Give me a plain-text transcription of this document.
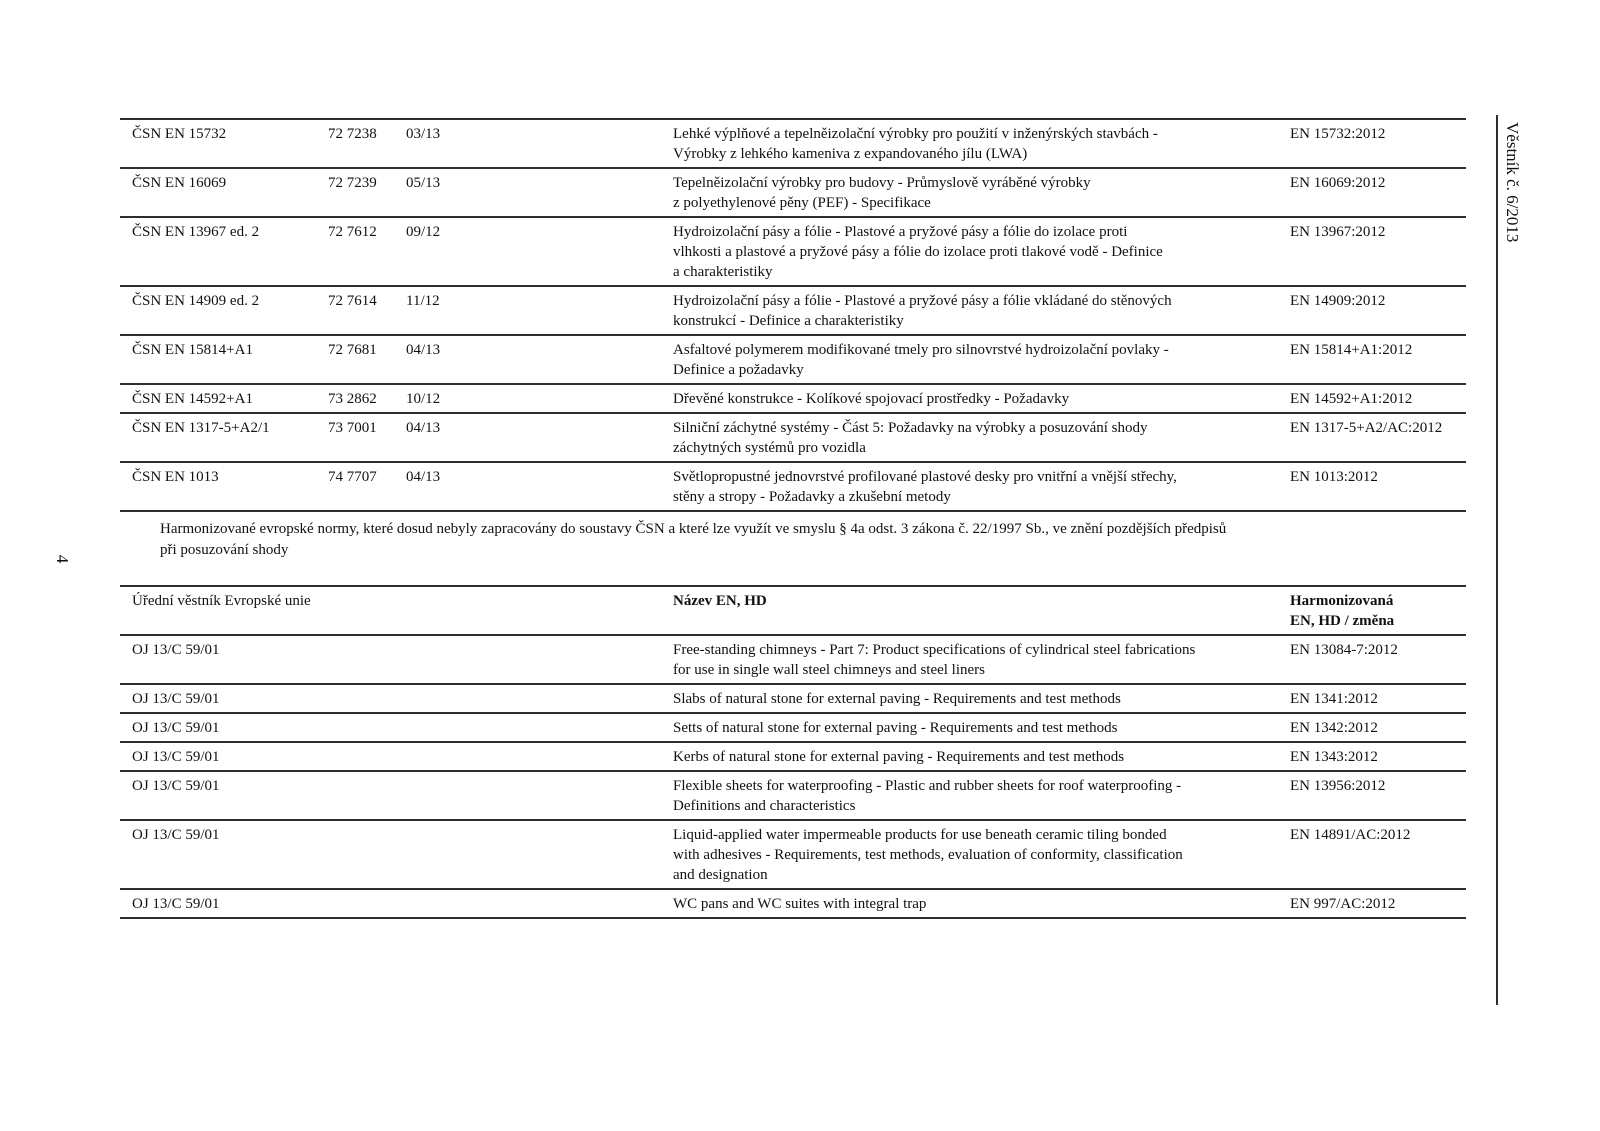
4
Věstník č. 6/2013
ČSN EN 15732	72 7238	03/13	Lehké výplňové a tepelněizolační výrobky pro použití v inženýrských stavbách -
Výrobky z lehkého kameniva z expandovaného jílu (LWA)	EN 15732:2012
ČSN EN 16069	72 7239	05/13	Tepelněizolační výrobky pro budovy - Průmyslově vyráběné výrobky
z polyethylenové pěny (PEF) - Specifikace	EN 16069:2012
ČSN EN 13967 ed. 2	72 7612	09/12	Hydroizolační pásy a fólie - Plastové a pryžové pásy a fólie do izolace proti
vlhkosti a plastové a pryžové pásy a fólie do izolace proti tlakové vodě - Definice
a charakteristiky	EN 13967:2012
ČSN EN 14909 ed. 2	72 7614	11/12	Hydroizolační pásy a fólie - Plastové a pryžové pásy a fólie vkládané do stěnových
konstrukcí - Definice a charakteristiky	EN 14909:2012
ČSN EN 15814+A1	72 7681	04/13	Asfaltové polymerem modifikované tmely pro silnovrstvé hydroizolační povlaky -
Definice a požadavky	EN 15814+A1:2012
ČSN EN 14592+A1	73 2862	10/12	Dřevěné konstrukce - Kolíkové spojovací prostředky - Požadavky	EN 14592+A1:2012
ČSN EN 1317-5+A2/1	73 7001	04/13	Silniční záchytné systémy - Část 5: Požadavky na výrobky a posuzování shody
záchytných systémů pro vozidla	EN 1317-5+A2/AC:2012
ČSN EN 1013	74 7707	04/13	Světlopropustné jednovrstvé profilované plastové desky pro vnitřní a vnější střechy,
stěny a stropy - Požadavky a zkušební metody	EN 1013:2012
Harmonizované evropské normy, které dosud nebyly zapracovány do soustavy ČSN a které lze využít ve smyslu § 4a odst. 3 zákona č. 22/1997 Sb., ve znění pozdějších předpisů
při posuzování shody
Úřední věstník Evropské unie	Název EN, HD	Harmonizovaná
EN, HD / změna

OJ 13/C 59/01	Free-standing chimneys - Part 7: Product specifications of cylindrical steel fabrications
for use in single wall steel chimneys and steel liners	EN 13084-7:2012
OJ 13/C 59/01	Slabs of natural stone for external paving - Requirements and test methods	EN 1341:2012
OJ 13/C 59/01	Setts of natural stone for external paving - Requirements and test methods	EN 1342:2012
OJ 13/C 59/01	Kerbs of natural stone for external paving - Requirements and test methods	EN 1343:2012
OJ 13/C 59/01	Flexible sheets for waterproofing - Plastic and rubber sheets for roof waterproofing -
Definitions and characteristics	EN 13956:2012
OJ 13/C 59/01	Liquid-applied water impermeable products for use beneath ceramic tiling bonded
with adhesives - Requirements, test methods, evaluation of conformity, classification
and designation	EN 14891/AC:2012
OJ 13/C 59/01	WC pans and WC suites with integral trap	EN 997/AC:2012
